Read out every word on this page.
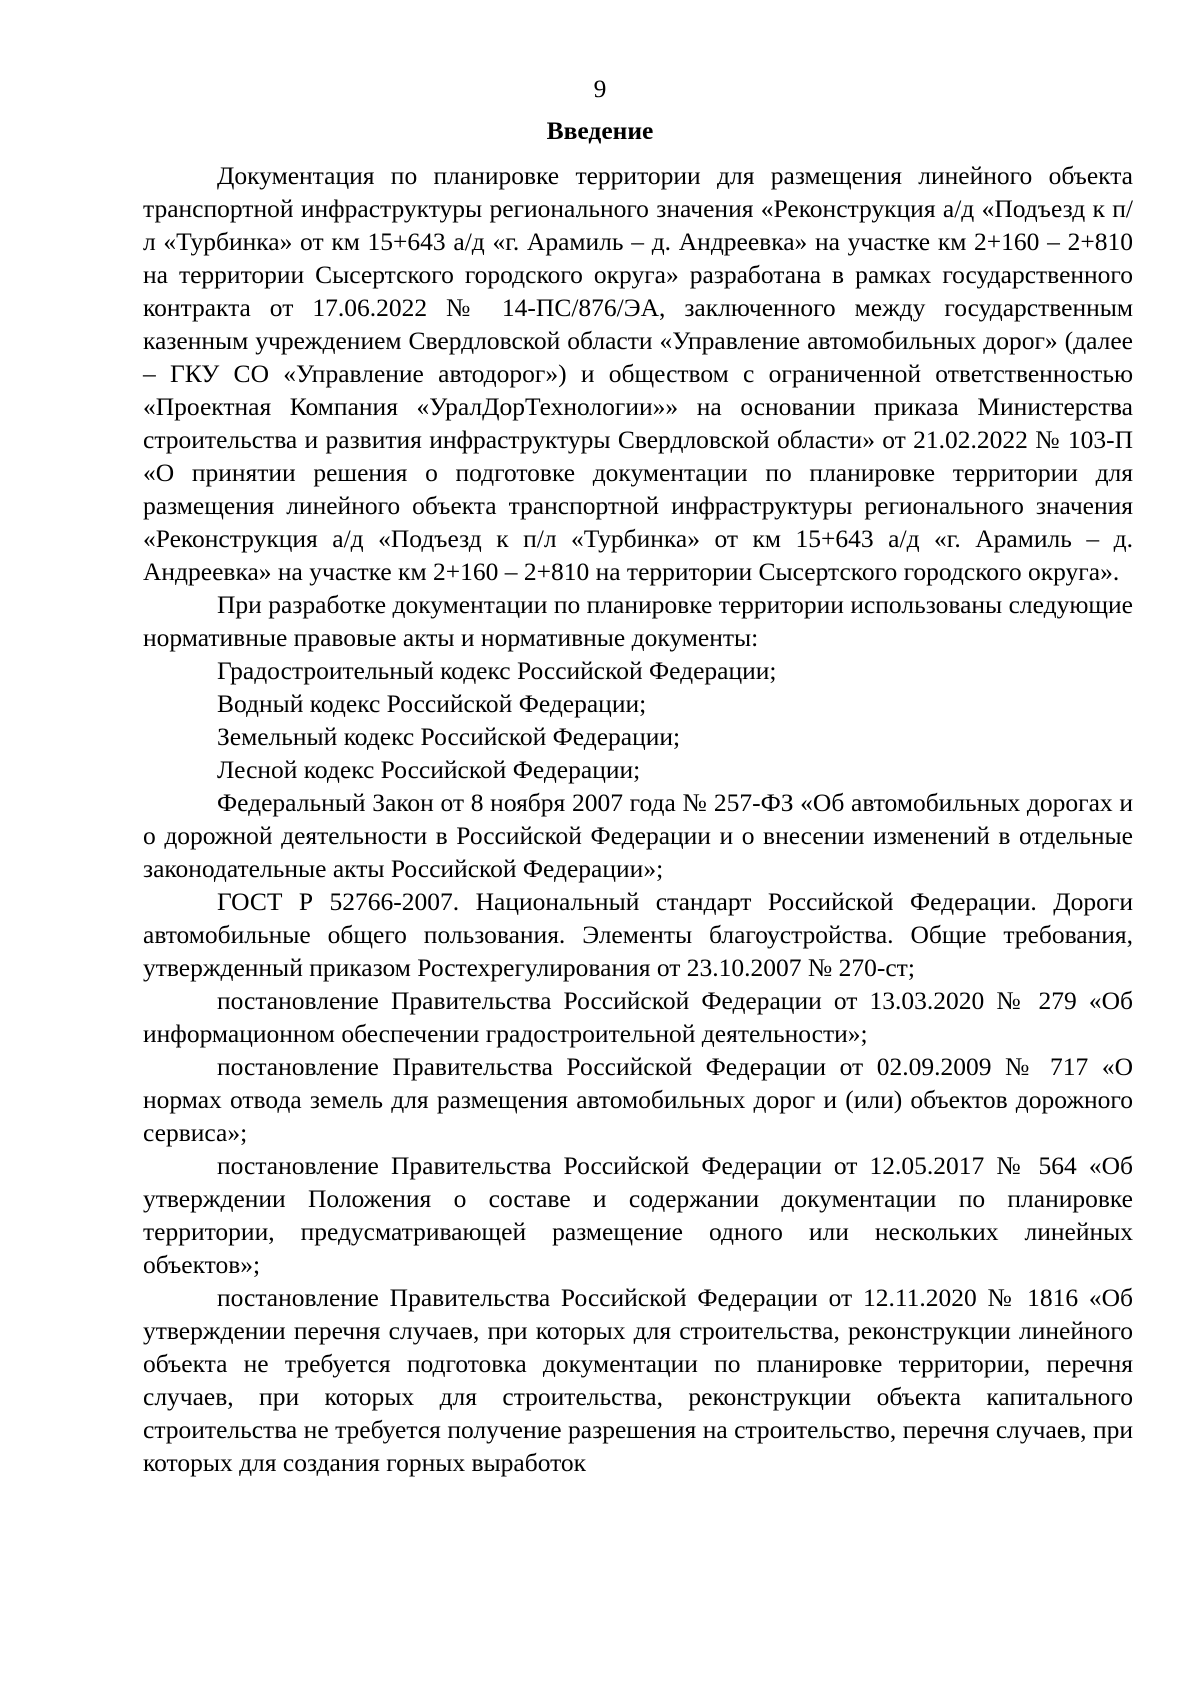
9
Введение

Документация по планировке территории для размещения линейного объекта транспортной инфраструктуры регионального значения «Реконструкция а/д «Подъезд к п/л «Турбинка» от км 15+643 а/д «г. Арамиль – д. Андреевка» на участке км 2+160 – 2+810 на территории Сысертского городского округа» разработана в рамках государственного контракта от 17.06.2022 № 14-ПС/876/ЭА, заключенного между государственным казенным учреждением Свердловской области «Управление автомобильных дорог» (далее – ГКУ СО «Управление автодорог») и обществом с ограниченной ответственностью «Проектная Компания «УралДорТехнологии»» на основании приказа Министерства строительства и развития инфраструктуры Свердловской области» от 21.02.2022 № 103-П «О принятии решения о подготовке документации по планировке территории для размещения линейного объекта транспортной инфраструктуры регионального значения «Реконструкция а/д «Подъезд к п/л «Турбинка» от км 15+643 а/д «г. Арамиль – д. Андреевка» на участке км 2+160 – 2+810 на территории Сысертского городского округа».

При разработке документации по планировке территории использованы следующие нормативные правовые акты и нормативные документы:

Градостроительный кодекс Российской Федерации;

Водный кодекс Российской Федерации;

Земельный кодекс Российской Федерации;

Лесной кодекс Российской Федерации;

Федеральный Закон от 8 ноября 2007 года № 257-ФЗ «Об автомобильных дорогах и о дорожной деятельности в Российской Федерации и о внесении изменений в отдельные законодательные акты Российской Федерации»;

ГОСТ Р 52766-2007. Национальный стандарт Российской Федерации. Дороги автомобильные общего пользования. Элементы благоустройства. Общие требования, утвержденный приказом Ростехрегулирования от 23.10.2007 № 270-ст;

постановление Правительства Российской Федерации от 13.03.2020 № 279 «Об информационном обеспечении градостроительной деятельности»;

постановление Правительства Российской Федерации от 02.09.2009 № 717 «О нормах отвода земель для размещения автомобильных дорог и (или) объектов дорожного сервиса»;

постановление Правительства Российской Федерации от 12.05.2017 № 564 «Об утверждении Положения о составе и содержании документации по планировке территории, предусматривающей размещение одного или нескольких линейных объектов»;

постановление Правительства Российской Федерации от 12.11.2020 № 1816 «Об утверждении перечня случаев, при которых для строительства, реконструкции линейного объекта не требуется подготовка документации по планировке территории, перечня случаев, при которых для строительства, реконструкции объекта капитального строительства не требуется получение разрешения на строительство, перечня случаев, при которых для создания горных выработок
